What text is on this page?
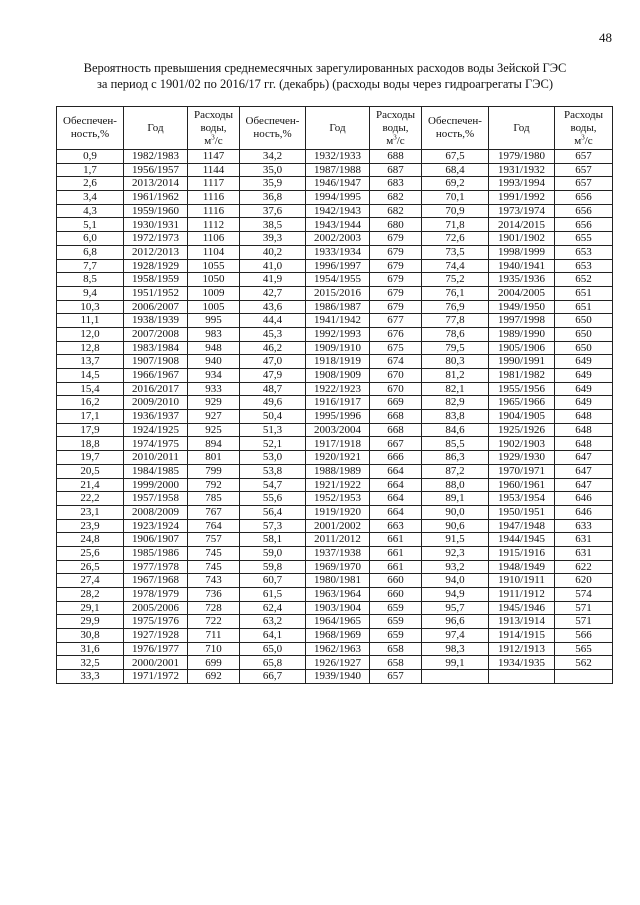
48
Вероятность превышения среднемесячных зарегулированных расходов воды Зейской ГЭС
за период с 1901/02 по 2016/17 гг. (декабрь) (расходы воды через гидроагрегаты ГЭС)
Обеспечен-
ность,%	Год	Расходы
воды,
$м^3/с$	Обеспечен-
ность,%	Год	Расходы
воды,
$м^3/с$	Обеспечен-
ность,%	Год	Расходы
воды,
$м^3/с$
0,9	1982/1983	1147	34,2	1932/1933	688	67,5	1979/1980	657
1,7	1956/1957	1144	35,0	1987/1988	687	68,4	1931/1932	657
2,6	2013/2014	1117	35,9	1946/1947	683	69,2	1993/1994	657
3,4	1961/1962	1116	36,8	1994/1995	682	70,1	1991/1992	656
4,3	1959/1960	1116	37,6	1942/1943	682	70,9	1973/1974	656
5,1	1930/1931	1112	38,5	1943/1944	680	71,8	2014/2015	656
6,0	1972/1973	1106	39,3	2002/2003	679	72,6	1901/1902	655
6,8	2012/2013	1104	40,2	1933/1934	679	73,5	1998/1999	653
7,7	1928/1929	1055	41,0	1996/1997	679	74,4	1940/1941	653
8,5	1958/1959	1050	41,9	1954/1955	679	75,2	1935/1936	652
9,4	1951/1952	1009	42,7	2015/2016	679	76,1	2004/2005	651
10,3	2006/2007	1005	43,6	1986/1987	679	76,9	1949/1950	651
11,1	1938/1939	995	44,4	1941/1942	677	77,8	1997/1998	650
12,0	2007/2008	983	45,3	1992/1993	676	78,6	1989/1990	650
12,8	1983/1984	948	46,2	1909/1910	675	79,5	1905/1906	650
13,7	1907/1908	940	47,0	1918/1919	674	80,3	1990/1991	649
14,5	1966/1967	934	47,9	1908/1909	670	81,2	1981/1982	649
15,4	2016/2017	933	48,7	1922/1923	670	82,1	1955/1956	649
16,2	2009/2010	929	49,6	1916/1917	669	82,9	1965/1966	649
17,1	1936/1937	927	50,4	1995/1996	668	83,8	1904/1905	648
17,9	1924/1925	925	51,3	2003/2004	668	84,6	1925/1926	648
18,8	1974/1975	894	52,1	1917/1918	667	85,5	1902/1903	648
19,7	2010/2011	801	53,0	1920/1921	666	86,3	1929/1930	647
20,5	1984/1985	799	53,8	1988/1989	664	87,2	1970/1971	647
21,4	1999/2000	792	54,7	1921/1922	664	88,0	1960/1961	647
22,2	1957/1958	785	55,6	1952/1953	664	89,1	1953/1954	646
23,1	2008/2009	767	56,4	1919/1920	664	90,0	1950/1951	646
23,9	1923/1924	764	57,3	2001/2002	663	90,6	1947/1948	633
24,8	1906/1907	757	58,1	2011/2012	661	91,5	1944/1945	631
25,6	1985/1986	745	59,0	1937/1938	661	92,3	1915/1916	631
26,5	1977/1978	745	59,8	1969/1970	661	93,2	1948/1949	622
27,4	1967/1968	743	60,7	1980/1981	660	94,0	1910/1911	620
28,2	1978/1979	736	61,5	1963/1964	660	94,9	1911/1912	574
29,1	2005/2006	728	62,4	1903/1904	659	95,7	1945/1946	571
29,9	1975/1976	722	63,2	1964/1965	659	96,6	1913/1914	571
30,8	1927/1928	711	64,1	1968/1969	659	97,4	1914/1915	566
31,6	1976/1977	710	65,0	1962/1963	658	98,3	1912/1913	565
32,5	2000/2001	699	65,8	1926/1927	658	99,1	1934/1935	562
33,3	1971/1972	692	66,7	1939/1940	657			
